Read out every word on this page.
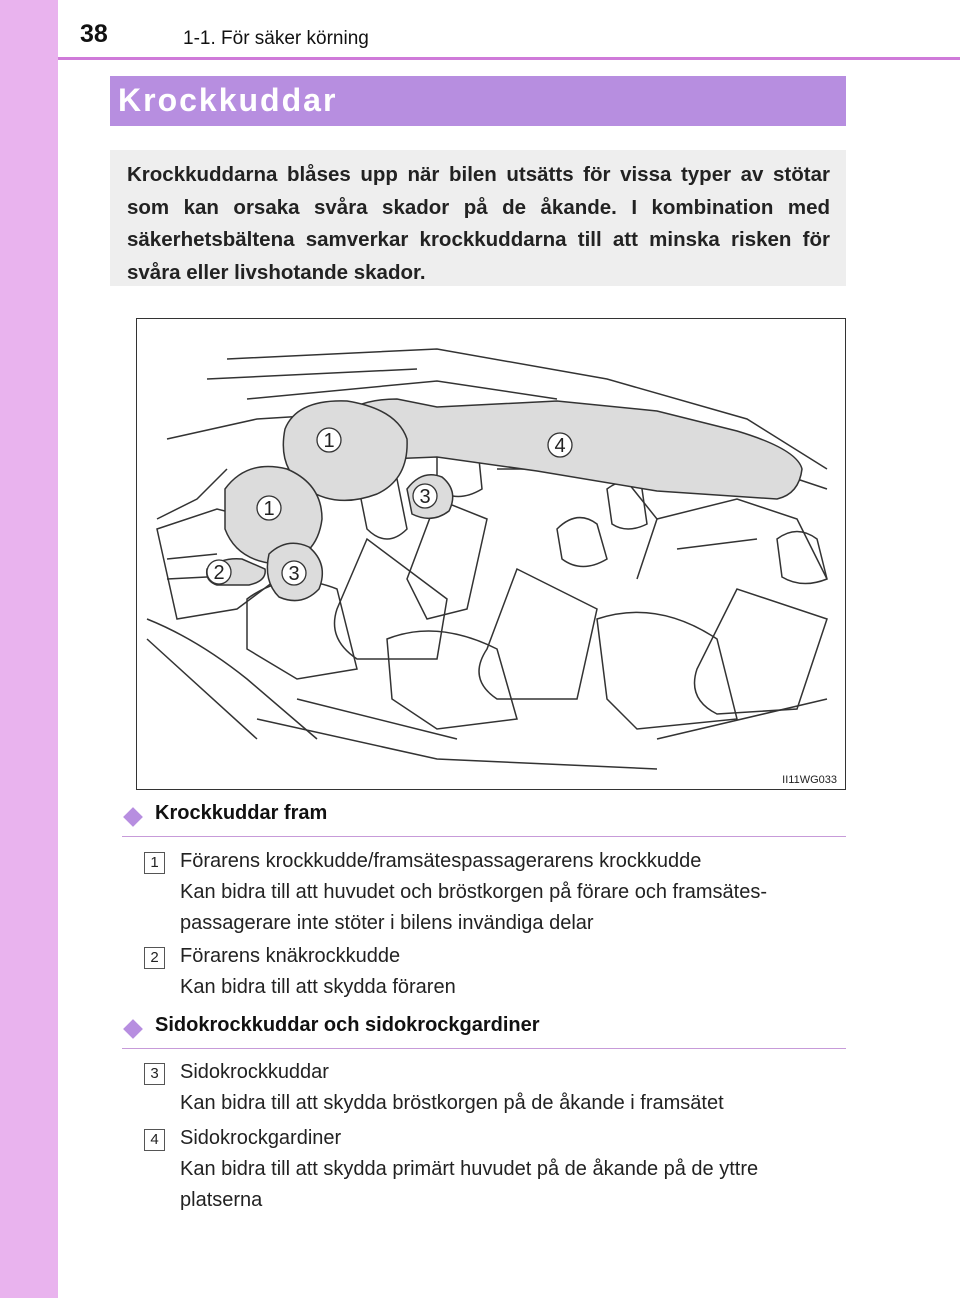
38	1-1. För säker körning
Krockkuddar
Krockkuddarna blåses upp när bilen utsätts för vissa typer av stötar som kan orsaka svåra skador på de åkande. I kombination med säkerhetsbältena samverkar krockkuddarna till att minska risken för svåra eller livshotande skador.
1
1
2	3
3
4
II11WG033
Krockkuddar fram
1	Förarens krockkudde/framsätespassagerarens krockkudde
Kan bidra till att huvudet och bröstkorgen på förare och framsätes-
passagerare inte stöter i bilens invändiga delar
2	Förarens knäkrockkudde
Kan bidra till att skydda föraren
Sidokrockkuddar och sidokrockgardiner
3	Sidokrockkuddar
Kan bidra till att skydda bröstkorgen på de åkande i framsätet
4	Sidokrockgardiner
Kan bidra till att skydda primärt huvudet på de åkande på de yttre
platserna
